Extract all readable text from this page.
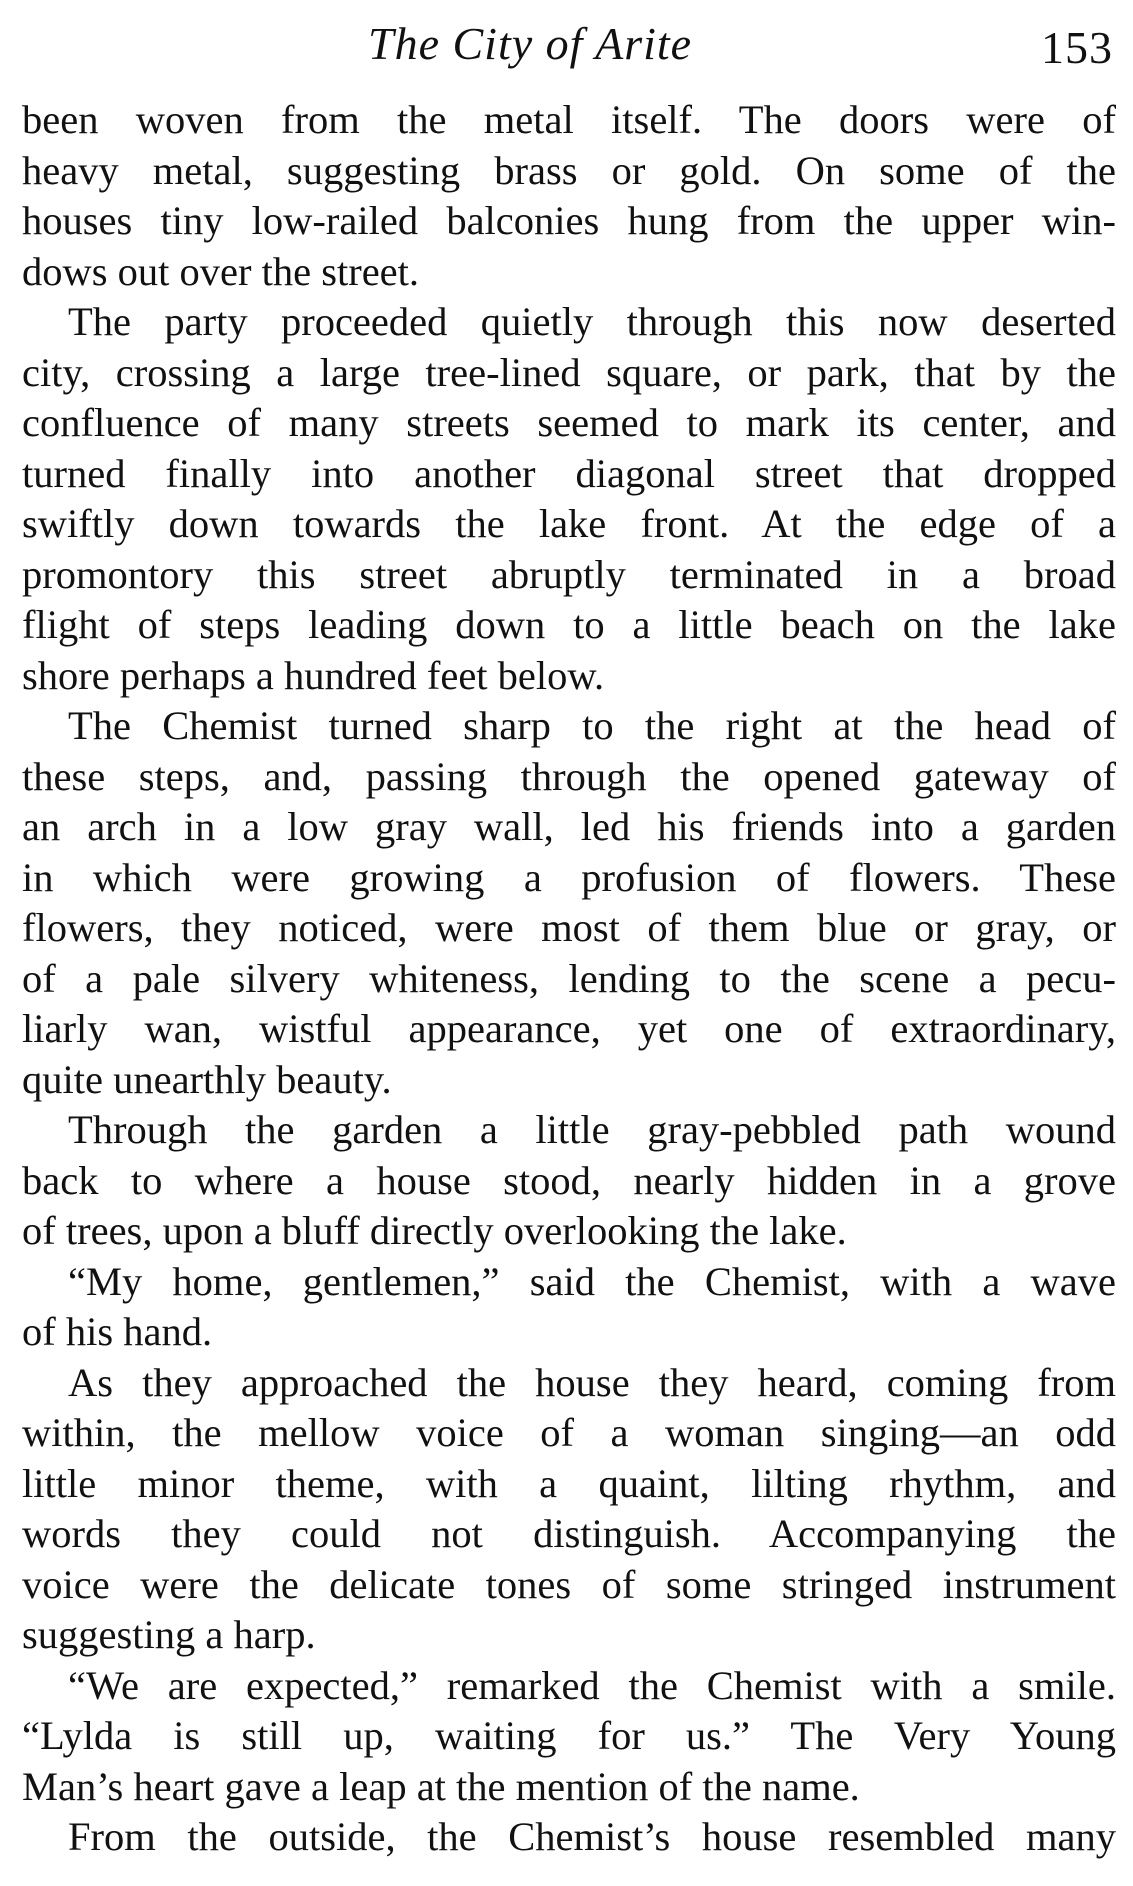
The City of Arite	153
been woven from the metal itself. The doors were of
heavy metal, suggesting brass or gold. On some of the
houses tiny low-railed balconies hung from the upper win-
dows out over the street.
The party proceeded quietly through this now deserted
city, crossing a large tree-lined square, or park, that by the
confluence of many streets seemed to mark its center, and
turned finally into another diagonal street that dropped
swiftly down towards the lake front. At the edge of a
promontory this street abruptly terminated in a broad
flight of steps leading down to a little beach on the lake
shore perhaps a hundred feet below.
The Chemist turned sharp to the right at the head of
these steps, and, passing through the opened gateway of
an arch in a low gray wall, led his friends into a garden
in which were growing a profusion of flowers. These
flowers, they noticed, were most of them blue or gray, or
of a pale silvery whiteness, lending to the scene a pecu-
liarly wan, wistful appearance, yet one of extraordinary,
quite unearthly beauty.
Through the garden a little gray-pebbled path wound
back to where a house stood, nearly hidden in a grove
of trees, upon a bluff directly overlooking the lake.
“My home, gentlemen,” said the Chemist, with a wave
of his hand.
As they approached the house they heard, coming from
within, the mellow voice of a woman singing—an odd
little minor theme, with a quaint, lilting rhythm, and
words they could not distinguish. Accompanying the
voice were the delicate tones of some stringed instrument
suggesting a harp.
“We are expected,” remarked the Chemist with a smile.
“Lylda is still up, waiting for us.” The Very Young
Man’s heart gave a leap at the mention of the name.
From the outside, the Chemist’s house resembled many
